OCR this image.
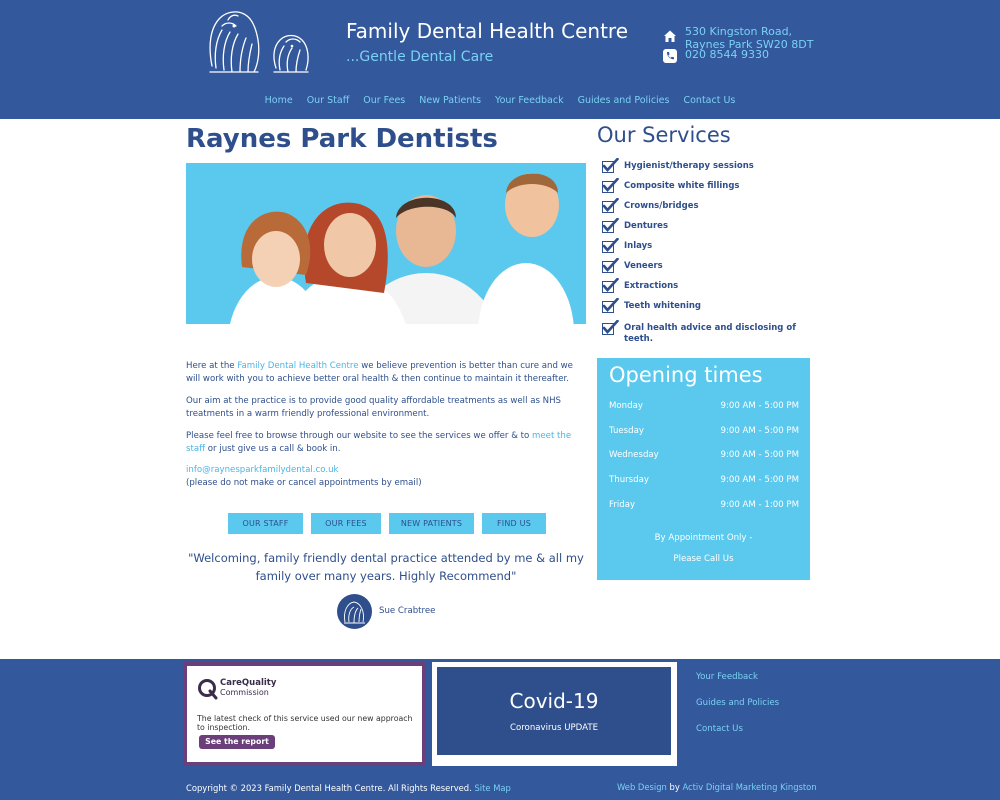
Family Dental Health Centre
...Gentle Dental Care
530 Kingston Road,
Raynes Park SW20 8DT
020 8544 9330
Home Our Staff Our Fees New Patients Your Feedback Guides and Policies Contact Us
Raynes Park Dentists

Here at the Family Dental Health Centre we believe prevention is better than cure and we will work with you to achieve better oral health & then continue to maintain it thereafter.

Our aim at the practice is to provide good quality affordable treatments as well as NHS treatments in a warm friendly professional environment.

Please feel free to browse through our website to see the services we offer & to meet the staff or just give us a call & book in.

info@raynesparkfamilydental.co.uk
(please do not make or cancel appointments by email)
OUR STAFF	OUR FEES	NEW PATIENTS	FIND US
"Welcoming, family friendly dental practice attended by me & all my family over many years. Highly Recommend"
Sue Crabtree
Our Services
Hygienist/therapy sessions
Composite white fillings
Crowns/bridges
Dentures
Inlays
Veneers
Extractions
Teeth whitening
Oral health advice and disclosing of teeth.
Opening times
Monday	9:00 AM - 5:00 PM
Tuesday	9:00 AM - 5:00 PM
Wednesday	9:00 AM - 5:00 PM
Thursday	9:00 AM - 5:00 PM
Friday	9:00 AM - 1:00 PM
By Appointment Only -
Please Call Us
CareQuality
Commission
The latest check of this service used our new approach to inspection.
See the report
Covid-19
Coronavirus UPDATE
Your Feedback
Guides and Policies
Contact Us
Copyright © 2023 Family Dental Health Centre. All Rights Reserved. Site Map	Web Design by Activ Digital Marketing Kingston
